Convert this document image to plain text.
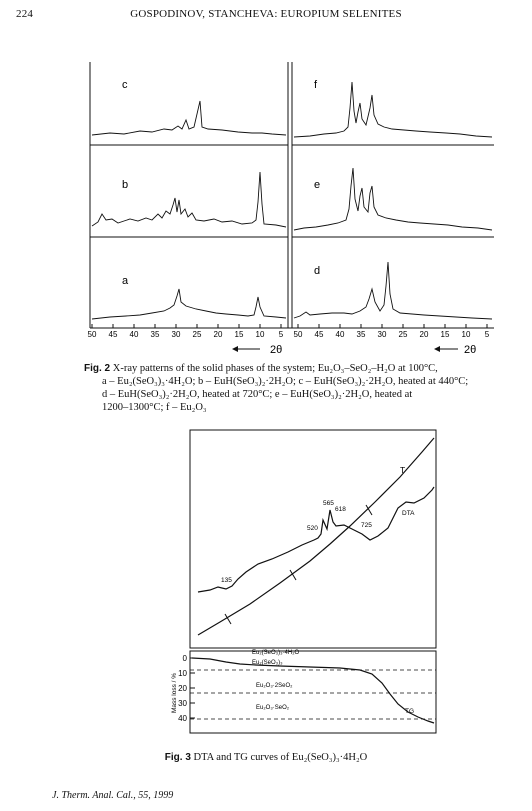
224	GOSPODINOV, STANCHEVA: EUROPIUM SELENITES
c
b
a
f
e
d
50 45 40 35 30 25 20 15 10 5 50 45 40 35 30 25 20 15 10 5
2θ	2θ
Fig. 2 X-ray patterns of the solid phases of the system; Eu₂O₃–SeO₂–H₂O at 100°C,
a – Eu₂(SeO₃)₃·4H₂O; b – EuH(SeO₃)₂·2H₂O; c – EuH(SeO₃)₂·2H₂O, heated at 440°C;
d – EuH(SeO₃)₂·2H₂O, heated at 720°C; e – EuH(SeO₃)₂·2H₂O, heated at
1200–1300°C; f – Eu₂O₃
T
DTA
135
520
565
618
725
0
10
20
30
40
Mass loss / %
Eu₂(SeO₃)₃·4H₂O
Eu₂(SeO₃)₃
Eu₂O₃·2SeO₂
Eu₂O₃·SeO₂	TG
Fig. 3 DTA and TG curves of Eu₂(SeO₃)₃·4H₂O
J. Therm. Anal. Cal., 55, 1999
